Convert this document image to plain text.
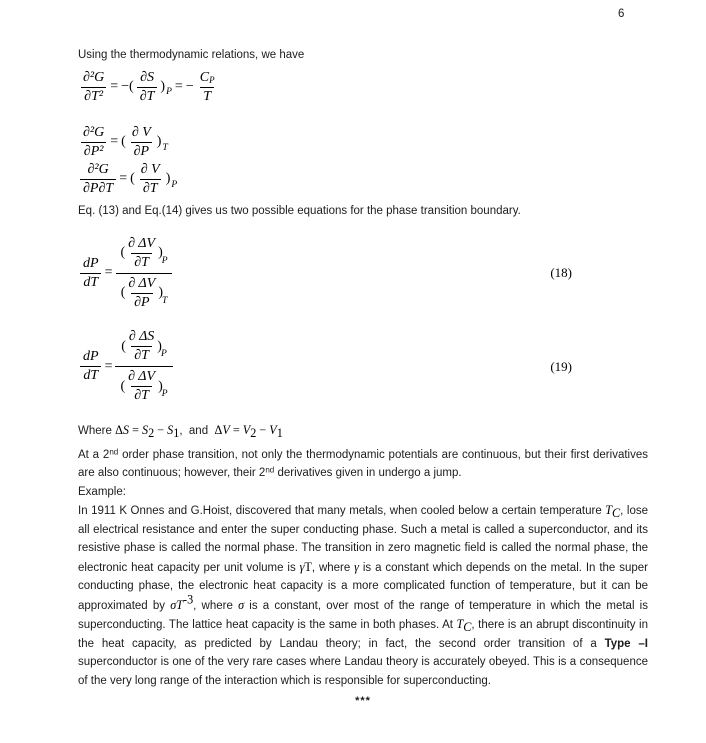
6

Using the thermodynamic relations, we have

$\frac{\text{∂²G}}{\text{∂T²}}$ = −( $\frac{\partial S}{\partial T} )_P$ = − $\frac{C_P}{T}$
$\frac{\text{∂²G}}{\text{∂P²}}$ = ( $\frac{\partial V}{\partial P} )_T$
$\frac{\text{∂²G}}{\partial P\partial T}$ = ( $\frac{\partial V}{\partial T} )_P$

Eq. (13) and Eq.(14) gives us two possible equations for the phase transition boundary.

$\frac{dP}{dT}$ =
( $\frac{\partial \Delta V}{\partial T}$ )
$_P$
( $\frac{\partial \Delta V}{\partial P}$ )
$_T$
(18)
$\frac{dP}{dT}$ =
( $\frac{\partial \Delta S}{\partial T}$ )
$_P$
( $\frac{\partial \Delta V}{\partial T}$ )
$_P$
(19)

Where $\Delta S = S_2 - S_1$,  and  $\Delta V = V_2 - V_1$

At a 2nd order phase transition, not only the thermodynamic potentials are continuous, but their first derivatives are also continuous; however, their 2nd derivatives given in undergo a jump.

Example:

In 1911 K Onnes and G.Hoist, discovered that many metals, when cooled below a certain temperature $T_C$, lose all electrical resistance and enter the super conducting phase. Such a metal is called a superconductor, and its resistive phase is called the normal phase. The transition in zero magnetic field is called the normal phase, the electronic heat capacity per unit volume is γT, where γ is a constant which depends on the metal. In the super conducting phase, the electronic heat capacity is a more complicated function of temperature, but it can be approximated by $\sigma T^{-3}$, where σ is a constant, over most of the range of temperature in which the metal is superconducting. The lattice heat capacity is the same in both phases. At $T_C$, there is an abrupt discontinuity in the heat capacity, as predicted by Landau theory; in fact, the second order transition of a Type –I superconductor is one of the very rare cases where Landau theory is accurately obeyed. This is a consequence of the very long range of the interaction which is responsible for superconducting.

***
